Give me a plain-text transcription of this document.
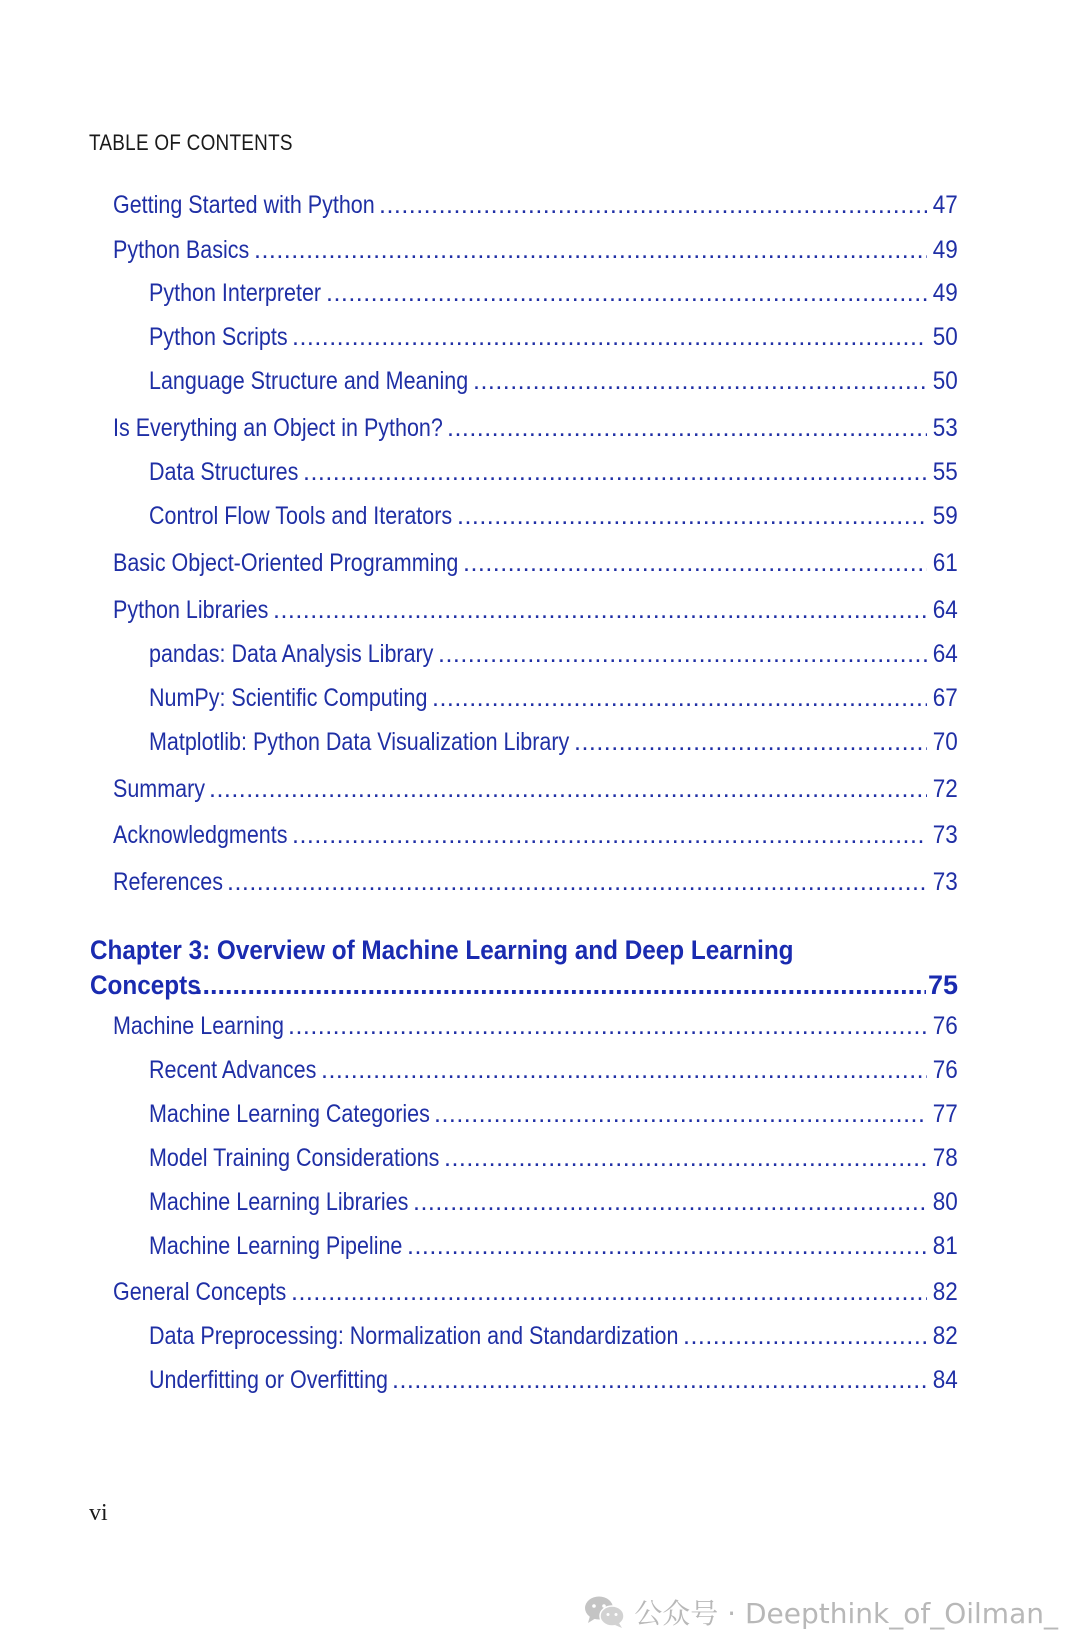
TABLE OF CONTENTS
Getting Started with Python .....	47
Python Basics .....	49
Python Interpreter .....	49
Python Scripts .....	50
Language Structure and Meaning .....	50
Is Everything an Object in Python? .....	53
Data Structures .....	55
Control Flow Tools and Iterators .....	59
Basic Object-Oriented Programming .....	61
Python Libraries .....	64
pandas: Data Analysis Library .....	64
NumPy: Scientific Computing .....	67
Matplotlib: Python Data Visualization Library .....	70
Summary .....	72
Acknowledgments .....	73
References .....	73
Chapter 3: Overview of Machine Learning and Deep Learning
Concepts .....	75
Machine Learning .....	76
Recent Advances .....	76
Machine Learning Categories .....	77
Model Training Considerations .....	78
Machine Learning Libraries .....	80
Machine Learning Pipeline .....	81
General Concepts .....	82
Data Preprocessing: Normalization and Standardization .....	82
Underfitting or Overfitting .....	84
vi
公众号 · Deepthink_of_Oilman_
